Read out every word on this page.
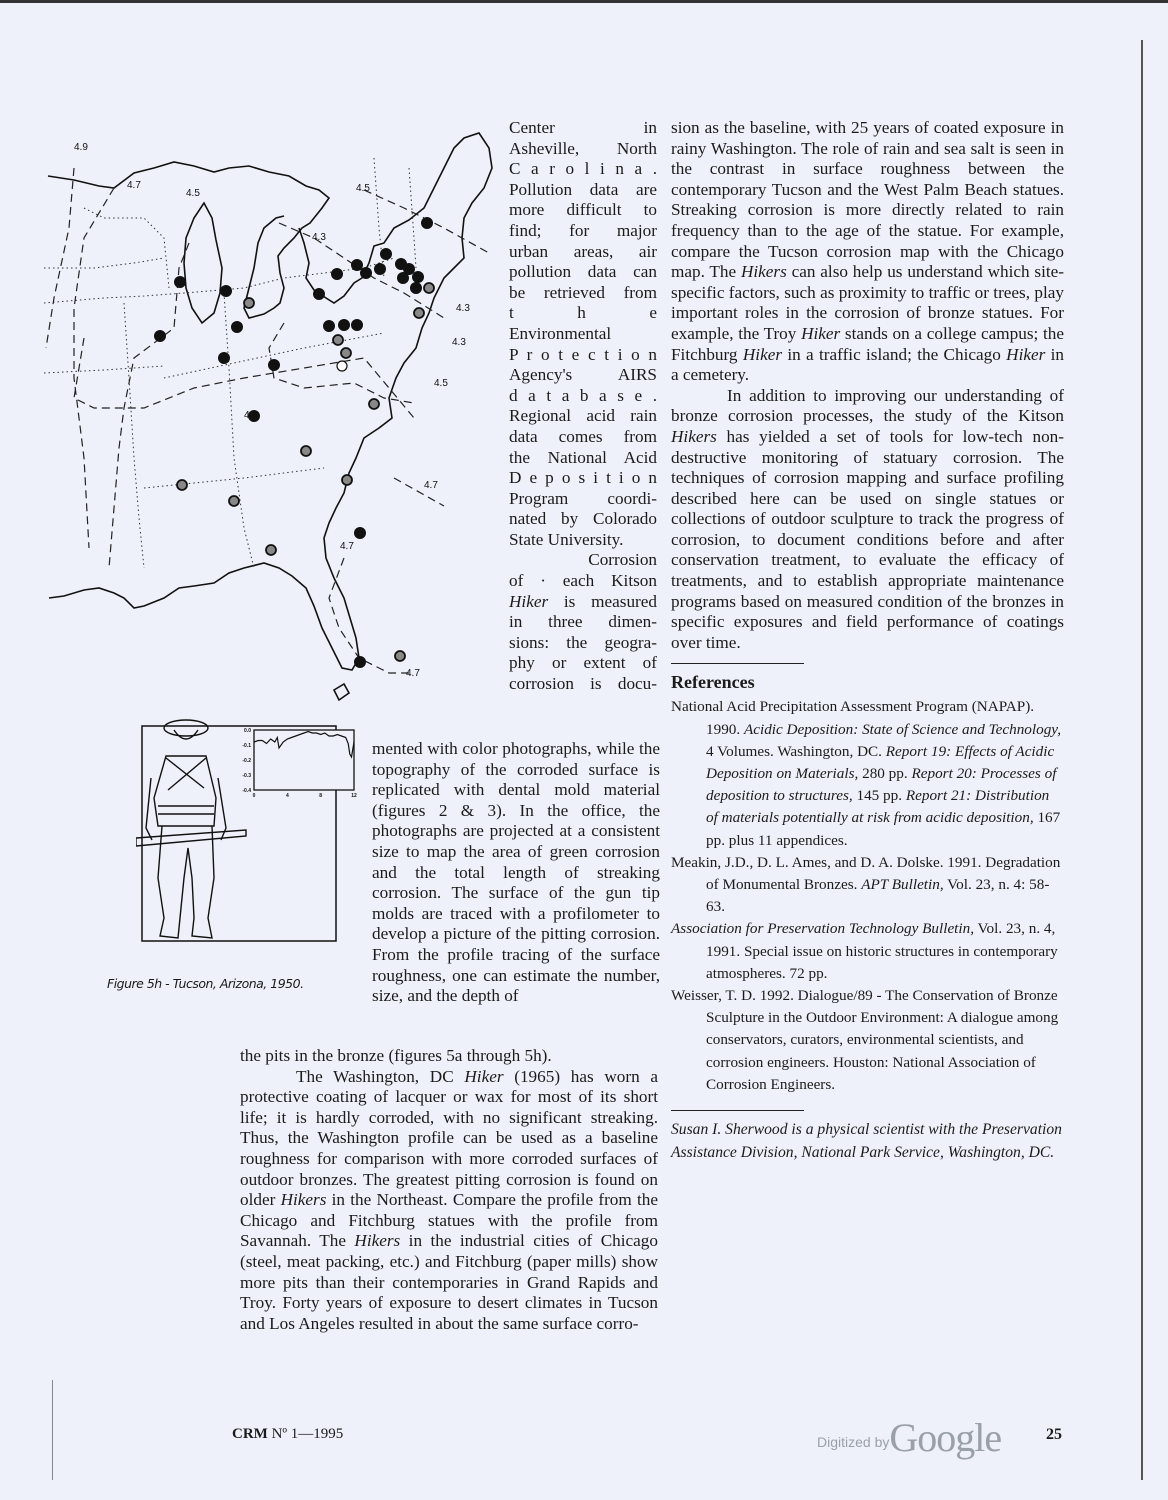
4.9
4.7
4.5	4.5
4.3
4.5
4.3
4.3
4.3
4.7
4.7
4.7
0.0
-0.1
-0.2
-0.3
-0.4
0	4	8	12
Figure 5h - Tucson, Arizona, 1950.
Center in
Asheville, North
C a r o l i n a .
Pollution data are
more difficult to
find; for major
urban areas, air
pollution data can
be retrieved from
t h e
Environmental
P r o t e c t i o n
Agency's AIRS
d a t a b a s e .
Regional acid rain
data comes from
the National Acid
D e p o s i t i o n
Program coordi-
nated by Colorado
State University.
Corrosion
of · each Kitson
Hiker is measured
in three dimen-
sions: the geogra-
phy or extent of
corrosion is docu-

mented with color photographs, while the topography of the corroded surface is replicated with dental mold material (figures 2 & 3). In the office, the photographs are projected at a consistent size to map the area of green corrosion and the total length of streaking corrosion. The surface of the gun tip molds are traced with a profilometer to develop a picture of the pitting corrosion. From the profile tracing of the surface roughness, one can estimate the number, size, and the depth of

the pits in the bronze (figures 5a through 5h).

The Washington, DC Hiker (1965) has worn a protective coating of lacquer or wax for most of its short life; it is hardly corroded, with no significant streaking. Thus, the Washington profile can be used as a baseline roughness for comparison with more corroded surfaces of outdoor bronzes. The greatest pitting corrosion is found on older Hikers in the Northeast. Compare the profile from the Chicago and Fitchburg statues with the profile from Savannah. The Hikers in the industrial cities of Chicago (steel, meat packing, etc.) and Fitchburg (paper mills) show more pits than their contemporaries in Grand Rapids and Troy. Forty years of exposure to desert climates in Tucson and Los Angeles resulted in about the same surface corro-

sion as the baseline, with 25 years of coated exposure in rainy Washington. The role of rain and sea salt is seen in the contrast in surface roughness between the contemporary Tucson and the West Palm Beach statues. Streaking corrosion is more directly related to rain frequency than to the age of the statue. For example, compare the Tucson corrosion map with the Chicago map. The Hikers can also help us understand which site-specific factors, such as proximity to traffic or trees, play important roles in the corrosion of bronze statues. For example, the Troy Hiker stands on a college campus; the Fitchburg Hiker in a traffic island; the Chicago Hiker in a cemetery.

In addition to improving our understanding of bronze corrosion processes, the study of the Kitson Hikers has yielded a set of tools for low-tech non-destructive monitoring of statuary corrosion. The techniques of corrosion mapping and surface profiling described here can be used on single statues or collections of outdoor sculpture to track the progress of corrosion, to document conditions before and after conservation treatment, to evaluate the efficacy of treatments, and to establish appropriate maintenance programs based on measured condition of the bronzes in specific exposures and field performance of coatings over time.

References

National Acid Precipitation Assessment Program (NAPAP). 1990. Acidic Deposition: State of Science and Technology, 4 Volumes. Washington, DC. Report 19: Effects of Acidic Deposition on Materials, 280 pp. Report 20: Processes of deposition to structures, 145 pp. Report 21: Distribution of materials potentially at risk from acidic deposition, 167 pp. plus 11 appendices.

Meakin, J.D., D. L. Ames, and D. A. Dolske. 1991. Degradation of Monumental Bronzes. APT Bulletin, Vol. 23, n. 4: 58-63.

Association for Preservation Technology Bulletin, Vol. 23, n. 4, 1991. Special issue on historic structures in contemporary atmospheres. 72 pp.

Weisser, T. D. 1992. Dialogue/89 - The Conservation of Bronze Sculpture in the Outdoor Environment: A dialogue among conservators, curators, environmental scientists, and corrosion engineers. Houston: National Association of Corrosion Engineers.

Susan I. Sherwood is a physical scientist with the Preservation Assistance Division, National Park Service, Washington, DC.
CRM Nº 1—1995	Digitized byGoogle	25
